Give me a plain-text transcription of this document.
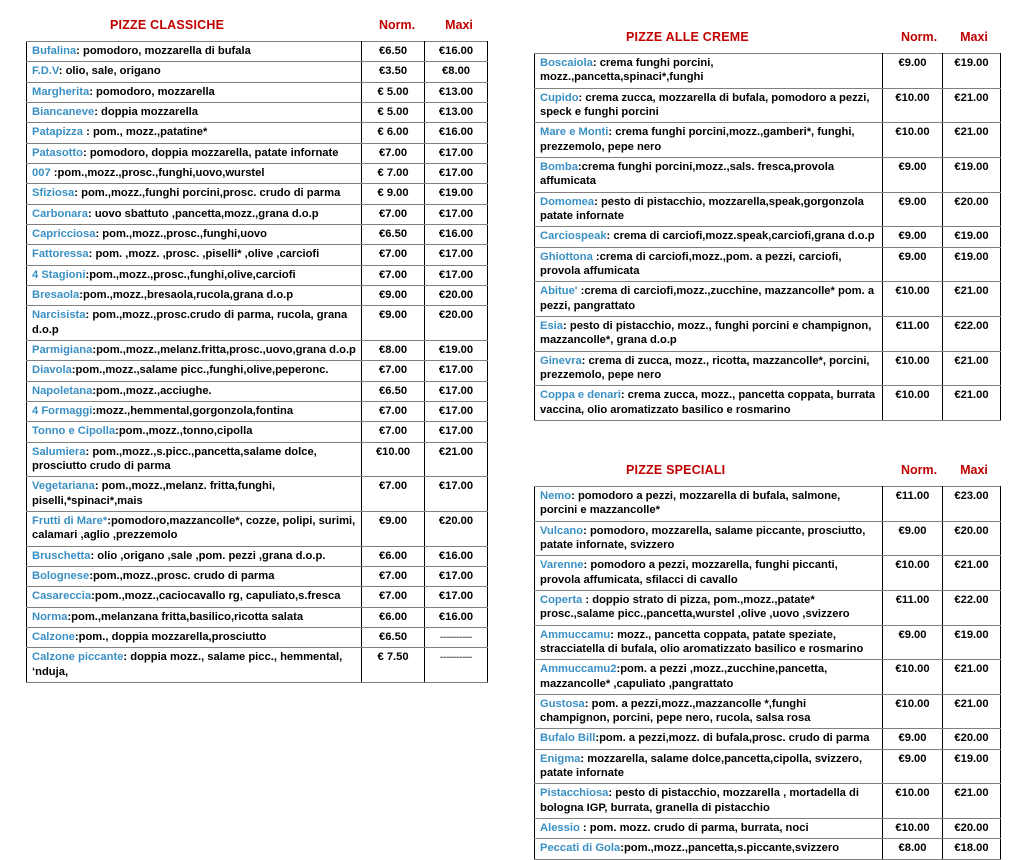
PIZZE CLASSICHE	Norm.	Maxi
Bufalina: pomodoro, mozzarella di bufala	€6.50	€16.00
F.D.V: olio, sale, origano	€3.50	€8.00
Margherita: pomodoro, mozzarella	€ 5.00	€13.00
Biancaneve: doppia mozzarella	€ 5.00	€13.00
Patapizza : pom., mozz.,patatine*	€ 6.00	€16.00
Patasotto: pomodoro, doppia mozzarella, patate infornate	€7.00	€17.00
007 :pom.,mozz.,prosc.,funghi,uovo,wurstel	€ 7.00	€17.00
Sfiziosa: pom.,mozz.,funghi porcini,prosc. crudo di parma	€ 9.00	€19.00
Carbonara: uovo sbattuto ,pancetta,mozz.,grana d.o.p	€7.00	€17.00
Capricciosa: pom.,mozz.,prosc.,funghi,uovo	€6.50	€16.00
Fattoressa: pom. ,mozz. ,prosc. ,piselli* ,olive ,carciofi	€7.00	€17.00
4 Stagioni:pom.,mozz.,prosc.,funghi,olive,carciofi	€7.00	€17.00
Bresaola:pom.,mozz.,bresaola,rucola,grana d.o.p	€9.00	€20.00
Narcisista: pom.,mozz.,prosc.crudo di parma, rucola, grana d.o.p	€9.00	€20.00
Parmigiana:pom.,mozz.,melanz.fritta,prosc.,uovo,grana d.o.p	€8.00	€19.00
Diavola:pom.,mozz.,salame picc.,funghi,olive,peperonc.	€7.00	€17.00
Napoletana:pom.,mozz.,acciughe.	€6.50	€17.00
4 Formaggi:mozz.,hemmental,gorgonzola,fontina	€7.00	€17.00
Tonno e Cipolla:pom.,mozz.,tonno,cipolla	€7.00	€17.00
Salumiera: pom.,mozz.,s.picc.,pancetta,salame dolce, prosciutto crudo di parma	€10.00	€21.00
Vegetariana: pom.,mozz.,melanz. fritta,funghi, piselli,*spinaci*,mais	€7.00	€17.00
Frutti di Mare*:pomodoro,mazzancolle*, cozze, polipi, surimi, calamari ,aglio ,prezzemolo	€9.00	€20.00
Bruschetta: olio ,origano ,sale ,pom. pezzi ,grana d.o.p.	€6.00	€16.00
Bolognese:pom.,mozz.,prosc. crudo di parma	€7.00	€17.00
Casareccia:pom.,mozz.,caciocavallo rg, capuliato,s.fresca	€7.00	€17.00
Norma:pom.,melanzana fritta,basilico,ricotta salata	€6.00	€16.00
Calzone:pom., doppia mozzarella,prosciutto	€6.50	----------
Calzone piccante: doppia mozz., salame picc., hemmental, ‘nduja,	€ 7.50	----------
PIZZE ALLE CREME	Norm.	Maxi
Boscaiola: crema funghi porcini, mozz.,pancetta,spinaci*,funghi	€9.00	€19.00
Cupido: crema zucca, mozzarella di bufala, pomodoro a pezzi, speck e funghi porcini	€10.00	€21.00
Mare e Monti: crema funghi porcini,mozz.,gamberi*, funghi, prezzemolo, pepe nero	€10.00	€21.00
Bomba:crema funghi porcini,mozz.,sals. fresca,provola affumicata	€9.00	€19.00
Domomea: pesto di pistacchio, mozzarella,speak,gorgonzola patate infornate	€9.00	€20.00
Carciospeak: crema di carciofi,mozz.speak,carciofi,grana d.o.p	€9.00	€19.00
Ghiottona :crema di carciofi,mozz.,pom. a pezzi, carciofi, provola affumicata	€9.00	€19.00
Abitue' :crema di carciofi,mozz.,zucchine, mazzancolle* pom. a pezzi, pangrattato	€10.00	€21.00
Esia: pesto di pistacchio, mozz., funghi porcini e champignon, mazzancolle*, grana d.o.p	€11.00	€22.00
Ginevra: crema di zucca, mozz., ricotta, mazzancolle*, porcini, prezzemolo, pepe nero	€10.00	€21.00
Coppa e denari: crema zucca, mozz., pancetta coppata, burrata vaccina, olio aromatizzato basilico e rosmarino	€10.00	€21.00
PIZZE SPECIALI	Norm.	Maxi
Nemo: pomodoro a pezzi, mozzarella di bufala, salmone, porcini e mazzancolle*	€11.00	€23.00
Vulcano: pomodoro, mozzarella, salame piccante, prosciutto, patate infornate, svizzero	€9.00	€20.00
Varenne: pomodoro a pezzi, mozzarella, funghi piccanti, provola affumicata, sfilacci di cavallo	€10.00	€21.00
Coperta : doppio strato di pizza, pom.,mozz.,patate* prosc.,salame picc.,pancetta,wurstel ,olive ,uovo ,svizzero	€11.00	€22.00
Ammuccamu: mozz., pancetta coppata, patate speziate, stracciatella di bufala, olio aromatizzato basilico e rosmarino	€9.00	€19.00
Ammuccamu2:pom. a pezzi ,mozz.,zucchine,pancetta, mazzancolle* ,capuliato ,pangrattato	€10.00	€21.00
Gustosa: pom. a pezzi,mozz.,mazzancolle *,funghi champignon, porcini, pepe nero, rucola, salsa rosa	€10.00	€21.00
Bufalo Bill:pom. a pezzi,mozz. di bufala,prosc. crudo di parma	€9.00	€20.00
Enigma: mozzarella, salame dolce,pancetta,cipolla, svizzero, patate infornate	€9.00	€19.00
Pistacchiosa: pesto di pistacchio, mozzarella , mortadella di bologna IGP, burrata, granella di pistacchio	€10.00	€21.00
Alessio : pom. mozz. crudo di parma, burrata, noci	€10.00	€20.00
Peccati di Gola:pom.,mozz.,pancetta,s.piccante,svizzero	€8.00	€18.00
